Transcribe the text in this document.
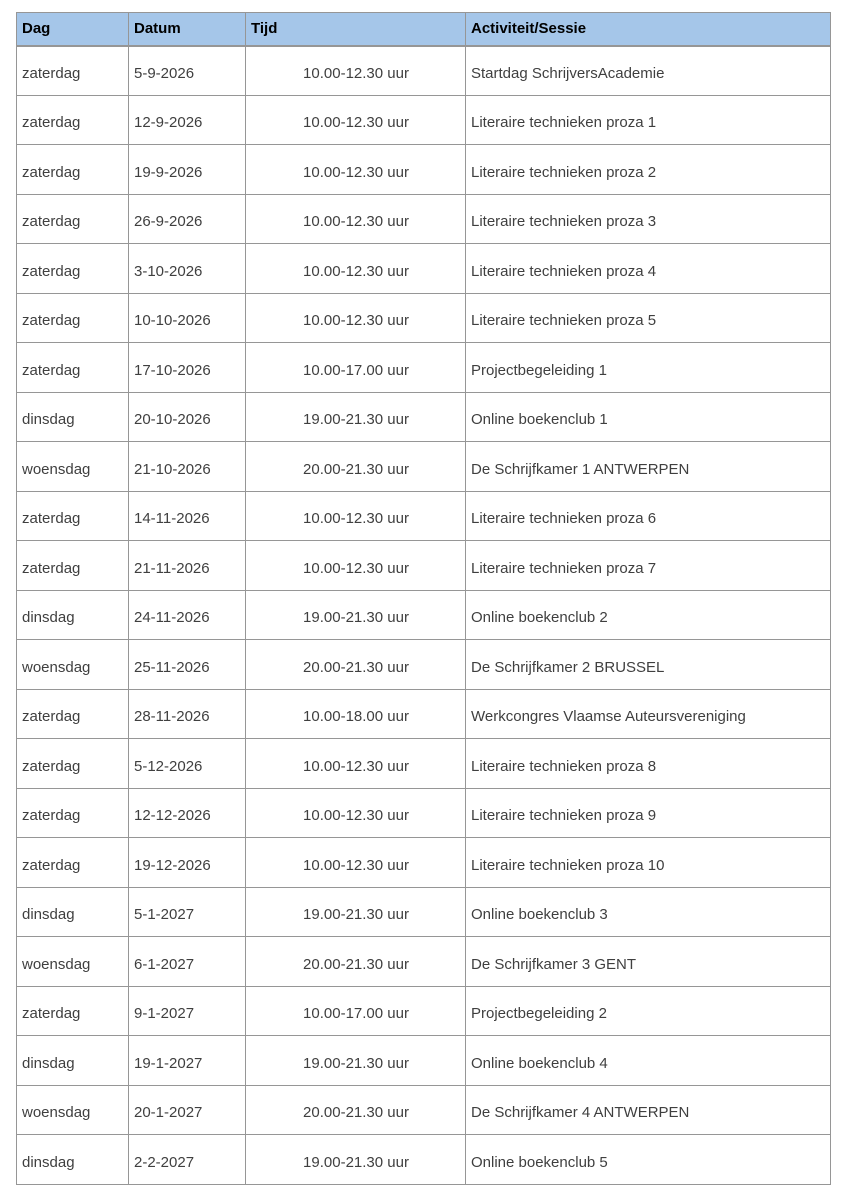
Dag	Datum	Tijd	Activiteit/Sessie
zaterdag	5-9-2026	10.00-12.30 uur	Startdag SchrijversAcademie
zaterdag	12-9-2026	10.00-12.30 uur	Literaire technieken proza 1
zaterdag	19-9-2026	10.00-12.30 uur	Literaire technieken proza 2
zaterdag	26-9-2026	10.00-12.30 uur	Literaire technieken proza 3
zaterdag	3-10-2026	10.00-12.30 uur	Literaire technieken proza 4
zaterdag	10-10-2026	10.00-12.30 uur	Literaire technieken proza 5
zaterdag	17-10-2026	10.00-17.00 uur	Projectbegeleiding 1
dinsdag	20-10-2026	19.00-21.30 uur	Online boekenclub 1
woensdag	21-10-2026	20.00-21.30 uur	De Schrijfkamer 1 ANTWERPEN
zaterdag	14-11-2026	10.00-12.30 uur	Literaire technieken proza 6
zaterdag	21-11-2026	10.00-12.30 uur	Literaire technieken proza 7
dinsdag	24-11-2026	19.00-21.30 uur	Online boekenclub 2
woensdag	25-11-2026	20.00-21.30 uur	De Schrijfkamer 2 BRUSSEL
zaterdag	28-11-2026	10.00-18.00 uur	Werkcongres Vlaamse Auteursvereniging
zaterdag	5-12-2026	10.00-12.30 uur	Literaire technieken proza 8
zaterdag	12-12-2026	10.00-12.30 uur	Literaire technieken proza 9
zaterdag	19-12-2026	10.00-12.30 uur	Literaire technieken proza 10
dinsdag	5-1-2027	19.00-21.30 uur	Online boekenclub 3
woensdag	6-1-2027	20.00-21.30 uur	De Schrijfkamer 3 GENT
zaterdag	9-1-2027	10.00-17.00 uur	Projectbegeleiding 2
dinsdag	19-1-2027	19.00-21.30 uur	Online boekenclub 4
woensdag	20-1-2027	20.00-21.30 uur	De Schrijfkamer 4 ANTWERPEN
dinsdag	2-2-2027	19.00-21.30 uur	Online boekenclub 5
